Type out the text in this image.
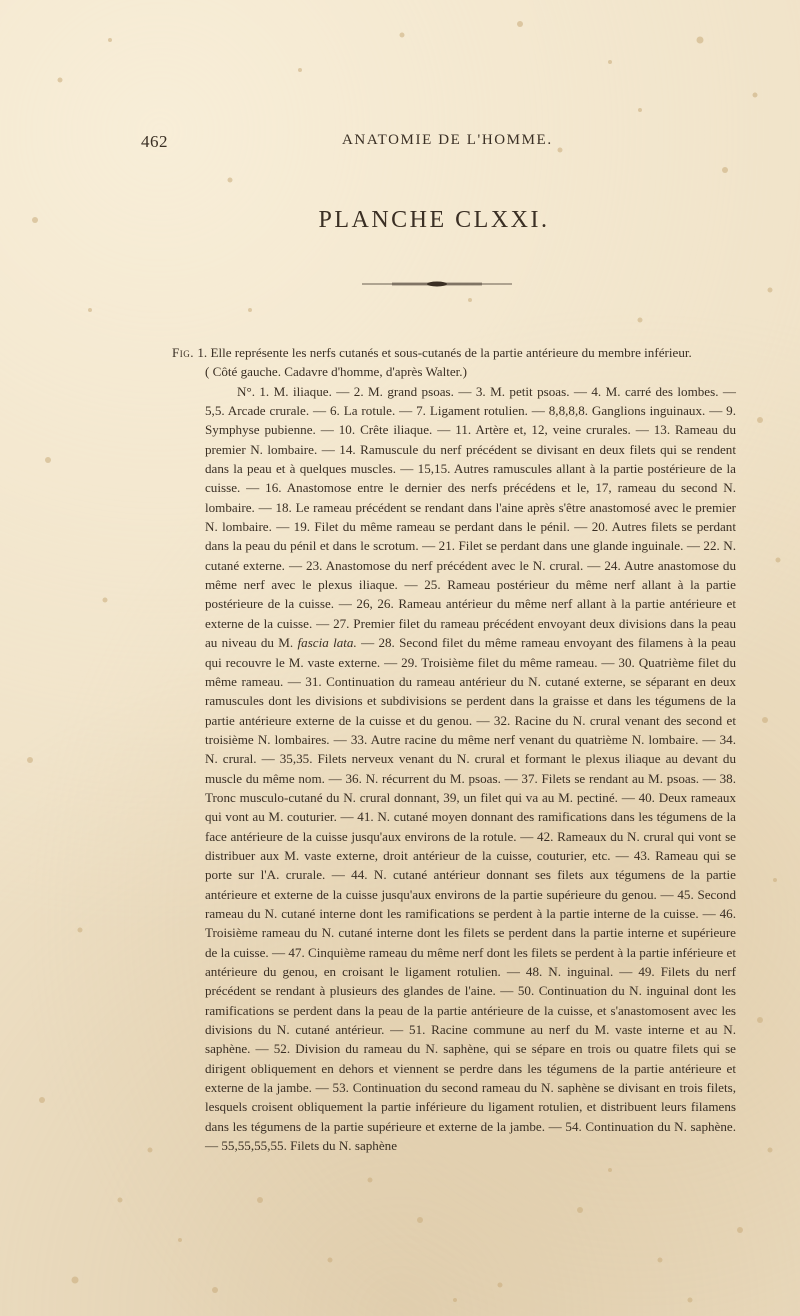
462	ANATOMIE DE L'HOMME.
PLANCHE CLXXI.

Fig. 1. Elle représente les nerfs cutanés et sous-cutanés de la partie antérieure du membre inférieur.

( Côté gauche. Cadavre d'homme, d'après Walter.)

N°. 1. M. iliaque. — 2. M. grand psoas. — 3. M. petit psoas. — 4. M. carré des lombes. — 5,5. Arcade crurale. — 6. La rotule. — 7. Ligament rotulien. — 8,8,8,8. Ganglions inguinaux. — 9. Symphyse pubienne. — 10. Crête iliaque. — 11. Artère et, 12, veine crurales. — 13. Rameau du premier N. lombaire. — 14. Ramuscule du nerf précédent se divisant en deux filets qui se rendent dans la peau et à quelques muscles. — 15,15. Autres ramuscules allant à la partie postérieure de la cuisse. — 16. Anastomose entre le dernier des nerfs précédens et le, 17, rameau du second N. lombaire. — 18. Le rameau précédent se rendant dans l'aine après s'être anastomosé avec le premier N. lombaire. — 19. Filet du même rameau se perdant dans le pénil. — 20. Autres filets se perdant dans la peau du pénil et dans le scrotum. — 21. Filet se perdant dans une glande inguinale. — 22. N. cutané externe. — 23. Anastomose du nerf précédent avec le N. crural. — 24. Autre anastomose du même nerf avec le plexus iliaque. — 25. Rameau postérieur du même nerf allant à la partie postérieure de la cuisse. — 26, 26. Rameau antérieur du même nerf allant à la partie antérieure et externe de la cuisse. — 27. Premier filet du rameau précédent envoyant deux divisions dans la peau au niveau du M. fascia lata. — 28. Second filet du même rameau envoyant des filamens à la peau qui recouvre le M. vaste externe. — 29. Troisième filet du même rameau. — 30. Quatrième filet du même rameau. — 31. Continuation du rameau antérieur du N. cutané externe, se séparant en deux ramuscules dont les divisions et subdivisions se perdent dans la graisse et dans les tégumens de la partie antérieure externe de la cuisse et du genou. — 32. Racine du N. crural venant des second et troisième N. lombaires. — 33. Autre racine du même nerf venant du quatrième N. lombaire. — 34. N. crural. — 35,35. Filets nerveux venant du N. crural et formant le plexus iliaque au devant du muscle du même nom. — 36. N. récurrent du M. psoas. — 37. Filets se rendant au M. psoas. — 38. Tronc musculo-cutané du N. crural donnant, 39, un filet qui va au M. pectiné. — 40. Deux rameaux qui vont au M. couturier. — 41. N. cutané moyen donnant des ramifications dans les tégumens de la face antérieure de la cuisse jusqu'aux environs de la rotule. — 42. Rameaux du N. crural qui vont se distribuer aux M. vaste externe, droit antérieur de la cuisse, couturier, etc. — 43. Rameau qui se porte sur l'A. crurale. — 44. N. cutané antérieur donnant ses filets aux tégumens de la partie antérieure et externe de la cuisse jusqu'aux environs de la partie supérieure du genou. — 45. Second rameau du N. cutané interne dont les ramifications se perdent à la partie interne de la cuisse. — 46. Troisième rameau du N. cutané interne dont les filets se perdent dans la partie interne et supérieure de la cuisse. — 47. Cinquième rameau du même nerf dont les filets se perdent à la partie inférieure et antérieure du genou, en croisant le ligament rotulien. — 48. N. inguinal. — 49. Filets du nerf précédent se rendant à plusieurs des glandes de l'aine. — 50. Continuation du N. inguinal dont les ramifications se perdent dans la peau de la partie antérieure de la cuisse, et s'anastomosent avec les divisions du N. cutané antérieur. — 51. Racine commune au nerf du M. vaste interne et au N. saphène. — 52. Division du rameau du N. saphène, qui se sépare en trois ou quatre filets qui se dirigent obliquement en dehors et viennent se perdre dans les tégumens de la partie antérieure et externe de la jambe. — 53. Continuation du second rameau du N. saphène se divisant en trois filets, lesquels croisent obliquement la partie inférieure du ligament rotulien, et distribuent leurs filamens dans les tégumens de la partie supérieure et externe de la jambe. — 54. Continuation du N. saphène. — 55,55,55,55. Filets du N. saphène
